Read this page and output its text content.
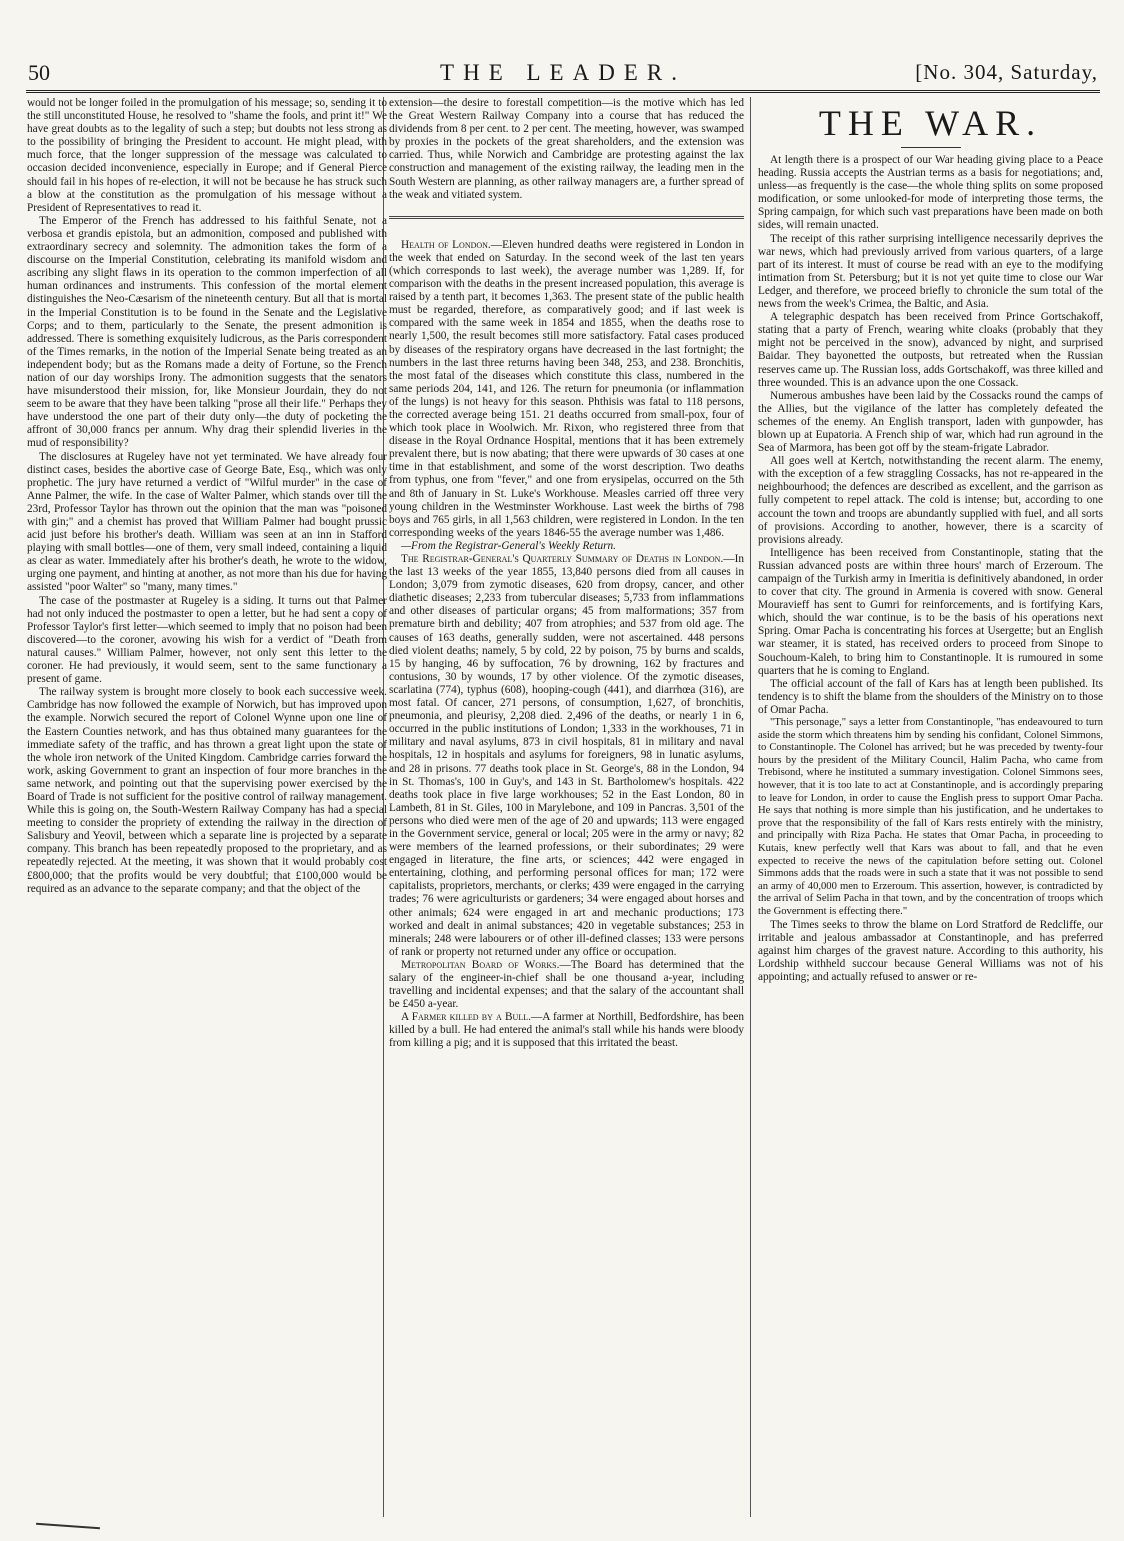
50	THE LEADER.	[No. 304, Saturday,

would not be longer foiled in the promulgation of his message; so, sending it to the still unconstituted House, he resolved to "shame the fools, and print it!" We have great doubts as to the legality of such a step; but doubts not less strong as to the possibility of bringing the President to account. He might plead, with much force, that the longer suppression of the message was calculated to occasion decided inconvenience, especially in Europe; and if General Pierce should fail in his hopes of re-election, it will not be because he has struck such a blow at the constitution as the promulgation of his message without a President of Representatives to read it.

The Emperor of the French has addressed to his faithful Senate, not a verbosa et grandis epistola, but an admonition, composed and published with extraordinary secrecy and solemnity. The admonition takes the form of a discourse on the Imperial Constitution, celebrating its manifold wisdom and ascribing any slight flaws in its operation to the common imperfection of all human ordinances and instruments. This confession of the mortal element distinguishes the Neo-Cæsarism of the nineteenth century. But all that is mortal in the Imperial Constitution is to be found in the Senate and the Legislative Corps; and to them, particularly to the Senate, the present admonition is addressed. There is something exquisitely ludicrous, as the Paris correspondent of the Times remarks, in the notion of the Imperial Senate being treated as an independent body; but as the Romans made a deity of Fortune, so the French nation of our day worships Irony. The admonition suggests that the senators have misunderstood their mission, for, like Monsieur Jourdain, they do not seem to be aware that they have been talking "prose all their life." Perhaps they have understood the one part of their duty only—the duty of pocketing the affront of 30,000 francs per annum. Why drag their splendid liveries in the mud of responsibility?

The disclosures at Rugeley have not yet terminated. We have already four distinct cases, besides the abortive case of George Bate, Esq., which was only prophetic. The jury have returned a verdict of "Wilful murder" in the case of Anne Palmer, the wife. In the case of Walter Palmer, which stands over till the 23rd, Professor Taylor has thrown out the opinion that the man was "poisoned with gin;" and a chemist has proved that William Palmer had bought prussic acid just before his brother's death. William was seen at an inn in Stafford playing with small bottles—one of them, very small indeed, containing a liquid as clear as water. Immediately after his brother's death, he wrote to the widow, urging one payment, and hinting at another, as not more than his due for having assisted "poor Walter" so "many, many times."

The case of the postmaster at Rugeley is a siding. It turns out that Palmer had not only induced the postmaster to open a letter, but he had sent a copy of Professor Taylor's first letter—which seemed to imply that no poison had been discovered—to the coroner, avowing his wish for a verdict of "Death from natural causes." William Palmer, however, not only sent this letter to the coroner. He had previously, it would seem, sent to the same functionary a present of game.

The railway system is brought more closely to book each successive week. Cambridge has now followed the example of Norwich, but has improved upon the example. Norwich secured the report of Colonel Wynne upon one line of the Eastern Counties network, and has thus obtained many guarantees for the immediate safety of the traffic, and has thrown a great light upon the state of the whole iron network of the United Kingdom. Cambridge carries forward the work, asking Government to grant an inspection of four more branches in the same network, and pointing out that the supervising power exercised by the Board of Trade is not sufficient for the positive control of railway management. While this is going on, the South-Western Railway Company has had a special meeting to consider the propriety of extending the railway in the direction of Salisbury and Yeovil, between which a separate line is projected by a separate company. This branch has been repeatedly proposed to the proprietary, and as repeatedly rejected. At the meeting, it was shown that it would probably cost £800,000; that the profits would be very doubtful; that £100,000 would be required as an advance to the separate company; and that the object of the

extension—the desire to forestall competition—is the motive which has led the Great Western Railway Company into a course that has reduced the dividends from 8 per cent. to 2 per cent. The meeting, however, was swamped by proxies in the pockets of the great shareholders, and the extension was carried. Thus, while Norwich and Cambridge are protesting against the lax construction and management of the existing railway, the leading men in the South Western are planning, as other railway managers are, a further spread of the weak and vitiated system.

Health of London.—Eleven hundred deaths were registered in London in the week that ended on Saturday. In the second week of the last ten years (which corresponds to last week), the average number was 1,289. If, for comparison with the deaths in the present increased population, this average is raised by a tenth part, it becomes 1,363. The present state of the public health must be regarded, therefore, as comparatively good; and if last week is compared with the same week in 1854 and 1855, when the deaths rose to nearly 1,500, the result becomes still more satisfactory. Fatal cases produced by diseases of the respiratory organs have decreased in the last fortnight; the numbers in the last three returns having been 348, 253, and 238. Bronchitis, the most fatal of the diseases which constitute this class, numbered in the same periods 204, 141, and 126. The return for pneumonia (or inflammation of the lungs) is not heavy for this season. Phthisis was fatal to 118 persons, the corrected average being 151. 21 deaths occurred from small-pox, four of which took place in Woolwich. Mr. Rixon, who registered three from that disease in the Royal Ordnance Hospital, mentions that it has been extremely prevalent there, but is now abating; that there were upwards of 30 cases at one time in that establishment, and some of the worst description. Two deaths from typhus, one from "fever," and one from erysipelas, occurred on the 5th and 8th of January in St. Luke's Workhouse. Measles carried off three very young children in the Westminster Workhouse. Last week the births of 798 boys and 765 girls, in all 1,563 children, were registered in London. In the ten corresponding weeks of the years 1846-55 the average number was 1,486.

—From the Registrar-General's Weekly Return.

The Registrar-General's Quarterly Summary of Deaths in London.—In the last 13 weeks of the year 1855, 13,840 persons died from all causes in London; 3,079 from zymotic diseases, 620 from dropsy, cancer, and other diathetic diseases; 2,233 from tubercular diseases; 5,733 from inflammations and other diseases of particular organs; 45 from malformations; 357 from premature birth and debility; 407 from atrophies; and 537 from old age. The causes of 163 deaths, generally sudden, were not ascertained. 448 persons died violent deaths; namely, 5 by cold, 22 by poison, 75 by burns and scalds, 15 by hanging, 46 by suffocation, 76 by drowning, 162 by fractures and contusions, 30 by wounds, 17 by other violence. Of the zymotic diseases, scarlatina (774), typhus (608), hooping-cough (441), and diarrhœa (316), are most fatal. Of cancer, 271 persons, of consumption, 1,627, of bronchitis, pneumonia, and pleurisy, 2,208 died. 2,496 of the deaths, or nearly 1 in 6, occurred in the public institutions of London; 1,333 in the workhouses, 71 in military and naval asylums, 873 in civil hospitals, 81 in military and naval hospitals, 12 in hospitals and asylums for foreigners, 98 in lunatic asylums, and 28 in prisons. 77 deaths took place in St. George's, 88 in the London, 94 in St. Thomas's, 100 in Guy's, and 143 in St. Bartholomew's hospitals. 422 deaths took place in five large workhouses; 52 in the East London, 80 in Lambeth, 81 in St. Giles, 100 in Marylebone, and 109 in Pancras. 3,501 of the persons who died were men of the age of 20 and upwards; 113 were engaged in the Government service, general or local; 205 were in the army or navy; 82 were members of the learned professions, or their subordinates; 29 were engaged in literature, the fine arts, or sciences; 442 were engaged in entertaining, clothing, and performing personal offices for man; 172 were capitalists, proprietors, merchants, or clerks; 439 were engaged in the carrying trades; 76 were agriculturists or gardeners; 34 were engaged about horses and other animals; 624 were engaged in art and mechanic productions; 173 worked and dealt in animal substances; 420 in vegetable substances; 253 in minerals; 248 were labourers or of other ill-defined classes; 133 were persons of rank or property not returned under any office or occupation.

Metropolitan Board of Works.—The Board has determined that the salary of the engineer-in-chief shall be one thousand a-year, including travelling and incidental expenses; and that the salary of the accountant shall be £450 a-year.

A Farmer killed by a Bull.—A farmer at Northill, Bedfordshire, has been killed by a bull. He had entered the animal's stall while his hands were bloody from killing a pig; and it is supposed that this irritated the beast.

THE WAR.

At length there is a prospect of our War heading giving place to a Peace heading. Russia accepts the Austrian terms as a basis for negotiations; and, unless—as frequently is the case—the whole thing splits on some proposed modification, or some unlooked-for mode of interpreting those terms, the Spring campaign, for which such vast preparations have been made on both sides, will remain unacted.

The receipt of this rather surprising intelligence necessarily deprives the war news, which had previously arrived from various quarters, of a large part of its interest. It must of course be read with an eye to the modifying intimation from St. Petersburg; but it is not yet quite time to close our War Ledger, and therefore, we proceed briefly to chronicle the sum total of the news from the week's Crimea, the Baltic, and Asia.

A telegraphic despatch has been received from Prince Gortschakoff, stating that a party of French, wearing white cloaks (probably that they might not be perceived in the snow), advanced by night, and surprised Baidar. They bayonetted the outposts, but retreated when the Russian reserves came up. The Russian loss, adds Gortschakoff, was three killed and three wounded. This is an advance upon the one Cossack.

Numerous ambushes have been laid by the Cossacks round the camps of the Allies, but the vigilance of the latter has completely defeated the schemes of the enemy. An English transport, laden with gunpowder, has blown up at Eupatoria. A French ship of war, which had run aground in the Sea of Marmora, has been got off by the steam-frigate Labrador.

All goes well at Kertch, notwithstanding the recent alarm. The enemy, with the exception of a few straggling Cossacks, has not re-appeared in the neighbourhood; the defences are described as excellent, and the garrison as fully competent to repel attack. The cold is intense; but, according to one account the town and troops are abundantly supplied with fuel, and all sorts of provisions. According to another, however, there is a scarcity of provisions already.

Intelligence has been received from Constantinople, stating that the Russian advanced posts are within three hours' march of Erzeroum. The campaign of the Turkish army in Imeritia is definitively abandoned, in order to cover that city. The ground in Armenia is covered with snow. General Mouravieff has sent to Gumri for reinforcements, and is fortifying Kars, which, should the war continue, is to be the basis of his operations next Spring. Omar Pacha is concentrating his forces at Usergette; but an English war steamer, it is stated, has received orders to proceed from Sinope to Souchoum-Kaleh, to bring him to Constantinople. It is rumoured in some quarters that he is coming to England.

The official account of the fall of Kars has at length been published. Its tendency is to shift the blame from the shoulders of the Ministry on to those of Omar Pacha.

"This personage," says a letter from Constantinople, "has endeavoured to turn aside the storm which threatens him by sending his confidant, Colonel Simmons, to Constantinople. The Colonel has arrived; but he was preceded by twenty-four hours by the president of the Military Council, Halim Pacha, who came from Trebisond, where he instituted a summary investigation. Colonel Simmons sees, however, that it is too late to act at Constantinople, and is accordingly preparing to leave for London, in order to cause the English press to support Omar Pacha. He says that nothing is more simple than his justification, and he undertakes to prove that the responsibility of the fall of Kars rests entirely with the ministry, and principally with Riza Pacha. He states that Omar Pacha, in proceeding to Kutais, knew perfectly well that Kars was about to fall, and that he even expected to receive the news of the capitulation before setting out. Colonel Simmons adds that the roads were in such a state that it was not possible to send an army of 40,000 men to Erzeroum. This assertion, however, is contradicted by the arrival of Selim Pacha in that town, and by the concentration of troops which the Government is effecting there."

The Times seeks to throw the blame on Lord Stratford de Redcliffe, our irritable and jealous ambassador at Constantinople, and has preferred against him charges of the gravest nature. According to this authority, his Lordship withheld succour because General Williams was not of his appointing; and actually refused to answer or re-
